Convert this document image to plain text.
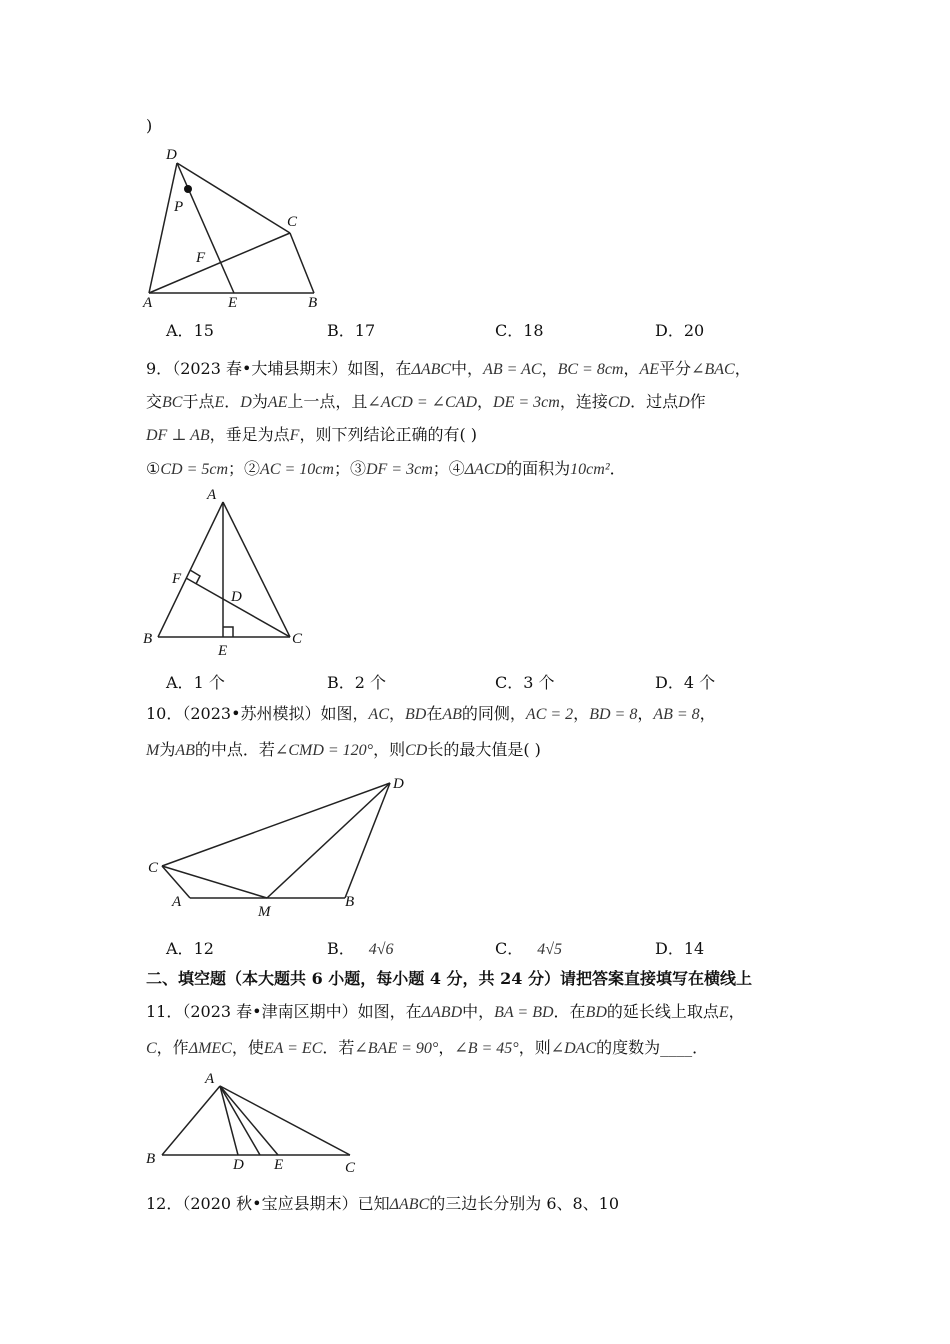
)
D
P
C
F
A	E	B
A．15	B．17	C．18	D．20
9．（2023 春•大埔县期末）如图，在ΔABC中，AB = AC，BC = 8cm，AE平分∠BAC，
交BC于点E．D为AE上一点，且∠ACD = ∠CAD，DE = 3cm，连接CD．过点D作
DF ⊥ AB，垂足为点F，则下列结论正确的有( )
①CD = 5cm；②AC = 10cm；③DF = 3cm；④ΔACD的面积为10cm²．
A
F
D
B
E
C
A．1 个	B．2 个	C．3 个	D．4 个
10．（2023•苏州模拟）如图，AC，BD在AB的同侧，AC = 2，BD = 8，AB = 8，
M为AB的中点．若∠CMD = 120°，则CD长的最大值是( )
D
C
A
M
B
A．12	B． 4√6	C． 4√5	D．14
二、填空题（本大题共 6 小题，每小题 4 分，共 24 分）请把答案直接填写在横线上
11．（2023 春•津南区期中）如图，在ΔABD中，BA = BD．在BD的延长线上取点E，
C，作ΔMEC，使EA = EC．若∠BAE = 90°，∠B = 45°，则∠DAC的度数为____．
A
B	D E	C
12．（2020 秋•宝应县期末）已知ΔABC的三边长分别为 6、8、10
